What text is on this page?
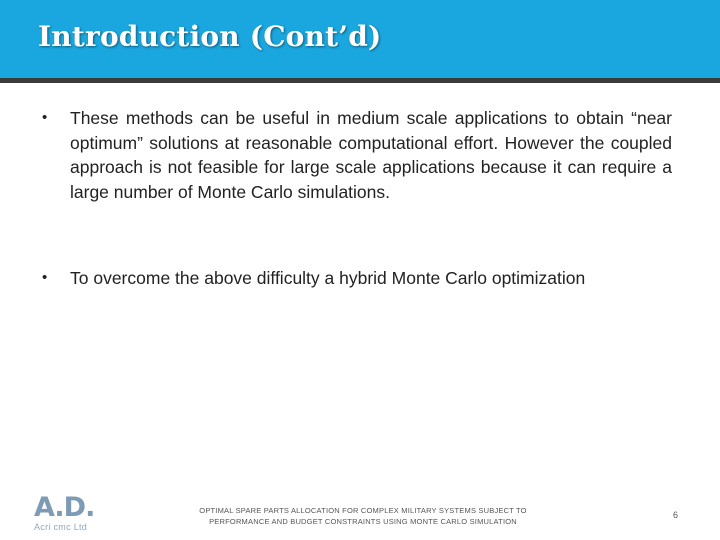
Introduction (Cont’d)
• These methods can be useful in medium scale applications to obtain “near optimum” solutions at reasonable computational effort. However the coupled approach is not feasible for large scale applications because it can require a large number of Monte Carlo simulations.
• To overcome the above difficulty a hybrid Monte Carlo optimization
A.D.
Acri cmc Ltd
OPTIMAL SPARE PARTS ALLOCATION FOR COMPLEX MILITARY SYSTEMS SUBJECT TO
PERFORMANCE AND BUDGET CONSTRAINTS USING MONTE CARLO SIMULATION
6
